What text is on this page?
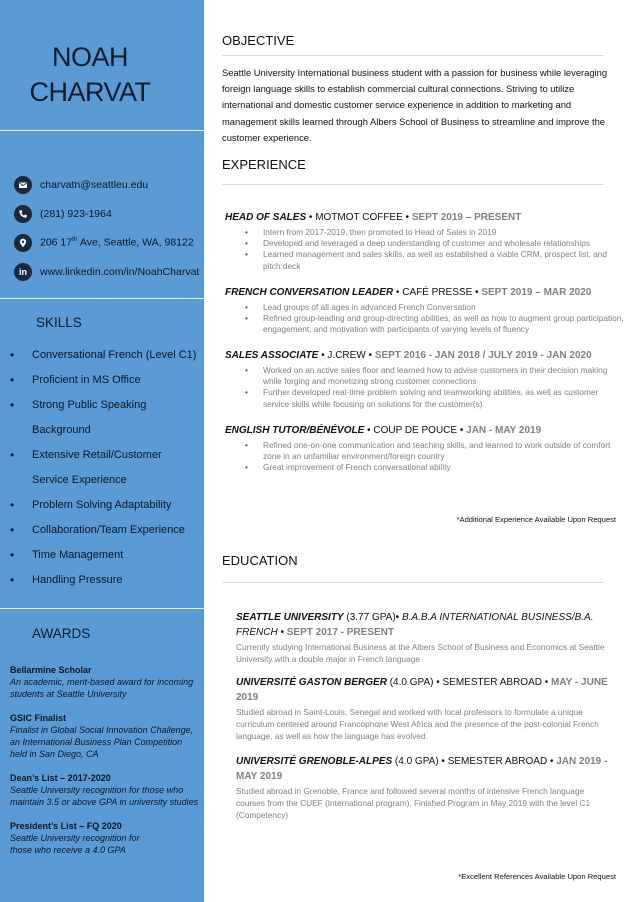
NOAH
CHARVAT
charvatn@seattleu.edu
(281) 923-1964
206 17th Ave, Seattle, WA, 98122
in	www.linkedin.com/in/NoahCharvat
SKILLS
• Conversational French (Level C1)
• Proficient in MS Office
• Strong Public Speaking Background
• Extensive Retail/Customer Service Experience
• Problem Solving Adaptability
• Collaboration/Team Experience
• Time Management
• Handling Pressure
AWARDS
Bellarmine Scholar
An academic, merit-based award for incoming students at Seattle University
GSIC Finalist
Finalist in Global Social Innovation Challenge, an International Business Plan Competition held in San Diego, CA
Dean’s List – 2017-2020
Seattle University recognition for those who maintain 3.5 or above GPA in university studies
President’s List – FQ 2020
Seattle University recognition for those who receive a 4.0 GPA
OBJECTIVE
Seattle University International business student with a passion for business while leveraging foreign language skills to establish commercial cultural connections. Striving to utilize international and domestic customer service experience in addition to marketing and management skills learned through Albers School of Business to streamline and improve the customer experience.
EXPERIENCE
HEAD OF SALES • MOTMOT COFFEE • SEPT 2019 – PRESENT
• Intern from 2017-2019, then promoted to Head of Sales in 2019
• Developed and leveraged a deep understanding of customer and wholesale relationships
• Learned management and sales skills, as well as established a viable CRM, prospect list, and pitch deck
FRENCH CONVERSATION LEADER • CAFÉ PRESSE • SEPT 2019 – MAR 2020
• Lead groups of all ages in advanced French Conversation
• Refined group-leading and group-directing abilities, as well as how to augment group participation, engagement, and motivation with participants of varying levels of fluency
SALES ASSOCIATE • J.CREW • SEPT 2016 - JAN 2018 / JULY 2019 - JAN 2020
• Worked on an active sales floor and learned how to advise customers in their decision making while forging and monetizing strong customer connections
• Further developed real-time problem solving and teamworking abilities, as well as customer service skills while focusing on solutions for the customer(s)
ENGLISH TUTOR/BÉNÉVOLE • COUP DE POUCE • JAN - MAY 2019
• Refined one-on-one communication and teaching skills, and learned to work outside of comfort zone in an unfamiliar environment/foreign country
• Great improvement of French conversational ability
*Additional Experience Available Upon Request
EDUCATION
SEATTLE UNIVERSITY (3.77 GPA)• B.A.B.A INTERNATIONAL BUSINESS/B.A. FRENCH • SEPT 2017 - PRESENT
Currently studying International Business at the Albers School of Business and Economics at Seattle University with a double major in French language
UNIVERSITÉ GASTON BERGER (4.0 GPA) • SEMESTER ABROAD • MAY - JUNE 2019
Studied abroad in Saint-Louis, Senegal and worked with local professors to formulate a unique curriculum centered around Francophone West Africa and the presence of the post-colonial French language, as well as how the language has evolved
UNIVERSITÉ GRENOBLE-ALPES (4.0 GPA) • SEMESTER ABROAD • JAN 2019 - MAY 2019
Studied abroad in Grenoble, France and followed several months of intensive French language courses from the CUEF (International program). Finished Program in May 2019 with the level C1 (Competency)
*Excellent References Available Upon Request
